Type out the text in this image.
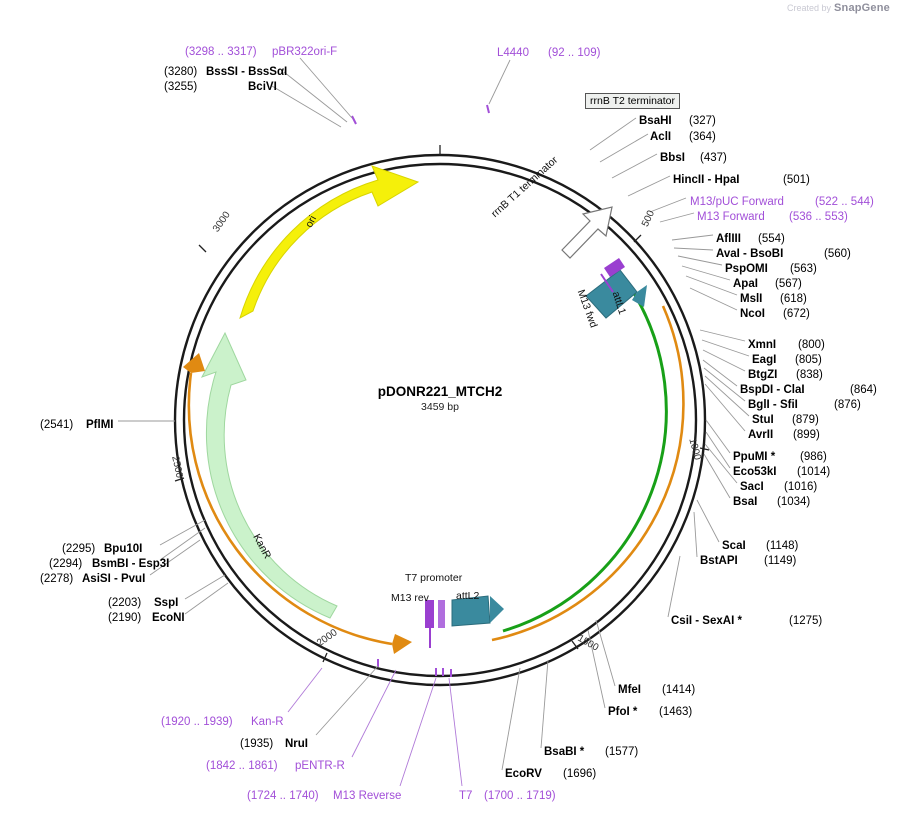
Created by SnapGene
pDONR221_MTCH2
3459 bp
rrnB T2 terminator
500
1000
1500
2000
2500
3000	ori
KanR
attL1
attL2
M13 fwd
M13 rev
T7 promoter
rrnB T1 terminator
(3298 .. 3317) pBR322ori-F
(3280) BssSI - BssSαI
(3255)	BciVI
L4440 (92 .. 109)
BsaHI (327)
AclI (364)
BbsI (437)
HincII - HpaI	(501)
M13/pUC Forward	(522 .. 544)
M13 Forward (536 .. 553)
AflIII (554)
AvaI - BsoBI	(560)
PspOMI (563)
ApaI (567)
MslI (618)
NcoI (672)
XmnI (800)
EagI (805)
BtgZI (838)
BspDI - ClaI	(864)
BglI - SfiI	(876)
StuI (879)
AvrII (899)
PpuMI * (986)
Eco53kI (1014)
SacI (1016)
BsaI (1034)
ScaI (1148)
BstAPI (1149)
CsiI - SexAI *	(1275)
MfeI (1414)
PfoI * (1463)
BsaBI * (1577)
EcoRV (1696)
(2541) PflMI
(2295) Bpu10I
(2294) BsmBI - Esp3I
(2278) AsiSI - PvuI
(2203) SspI
(2190) EcoNI
(1920 .. 1939) Kan-R
(1935) NruI
(1842 .. 1861) pENTR-R
(1724 .. 1740) M13 Reverse	T7 (1700 .. 1719)
